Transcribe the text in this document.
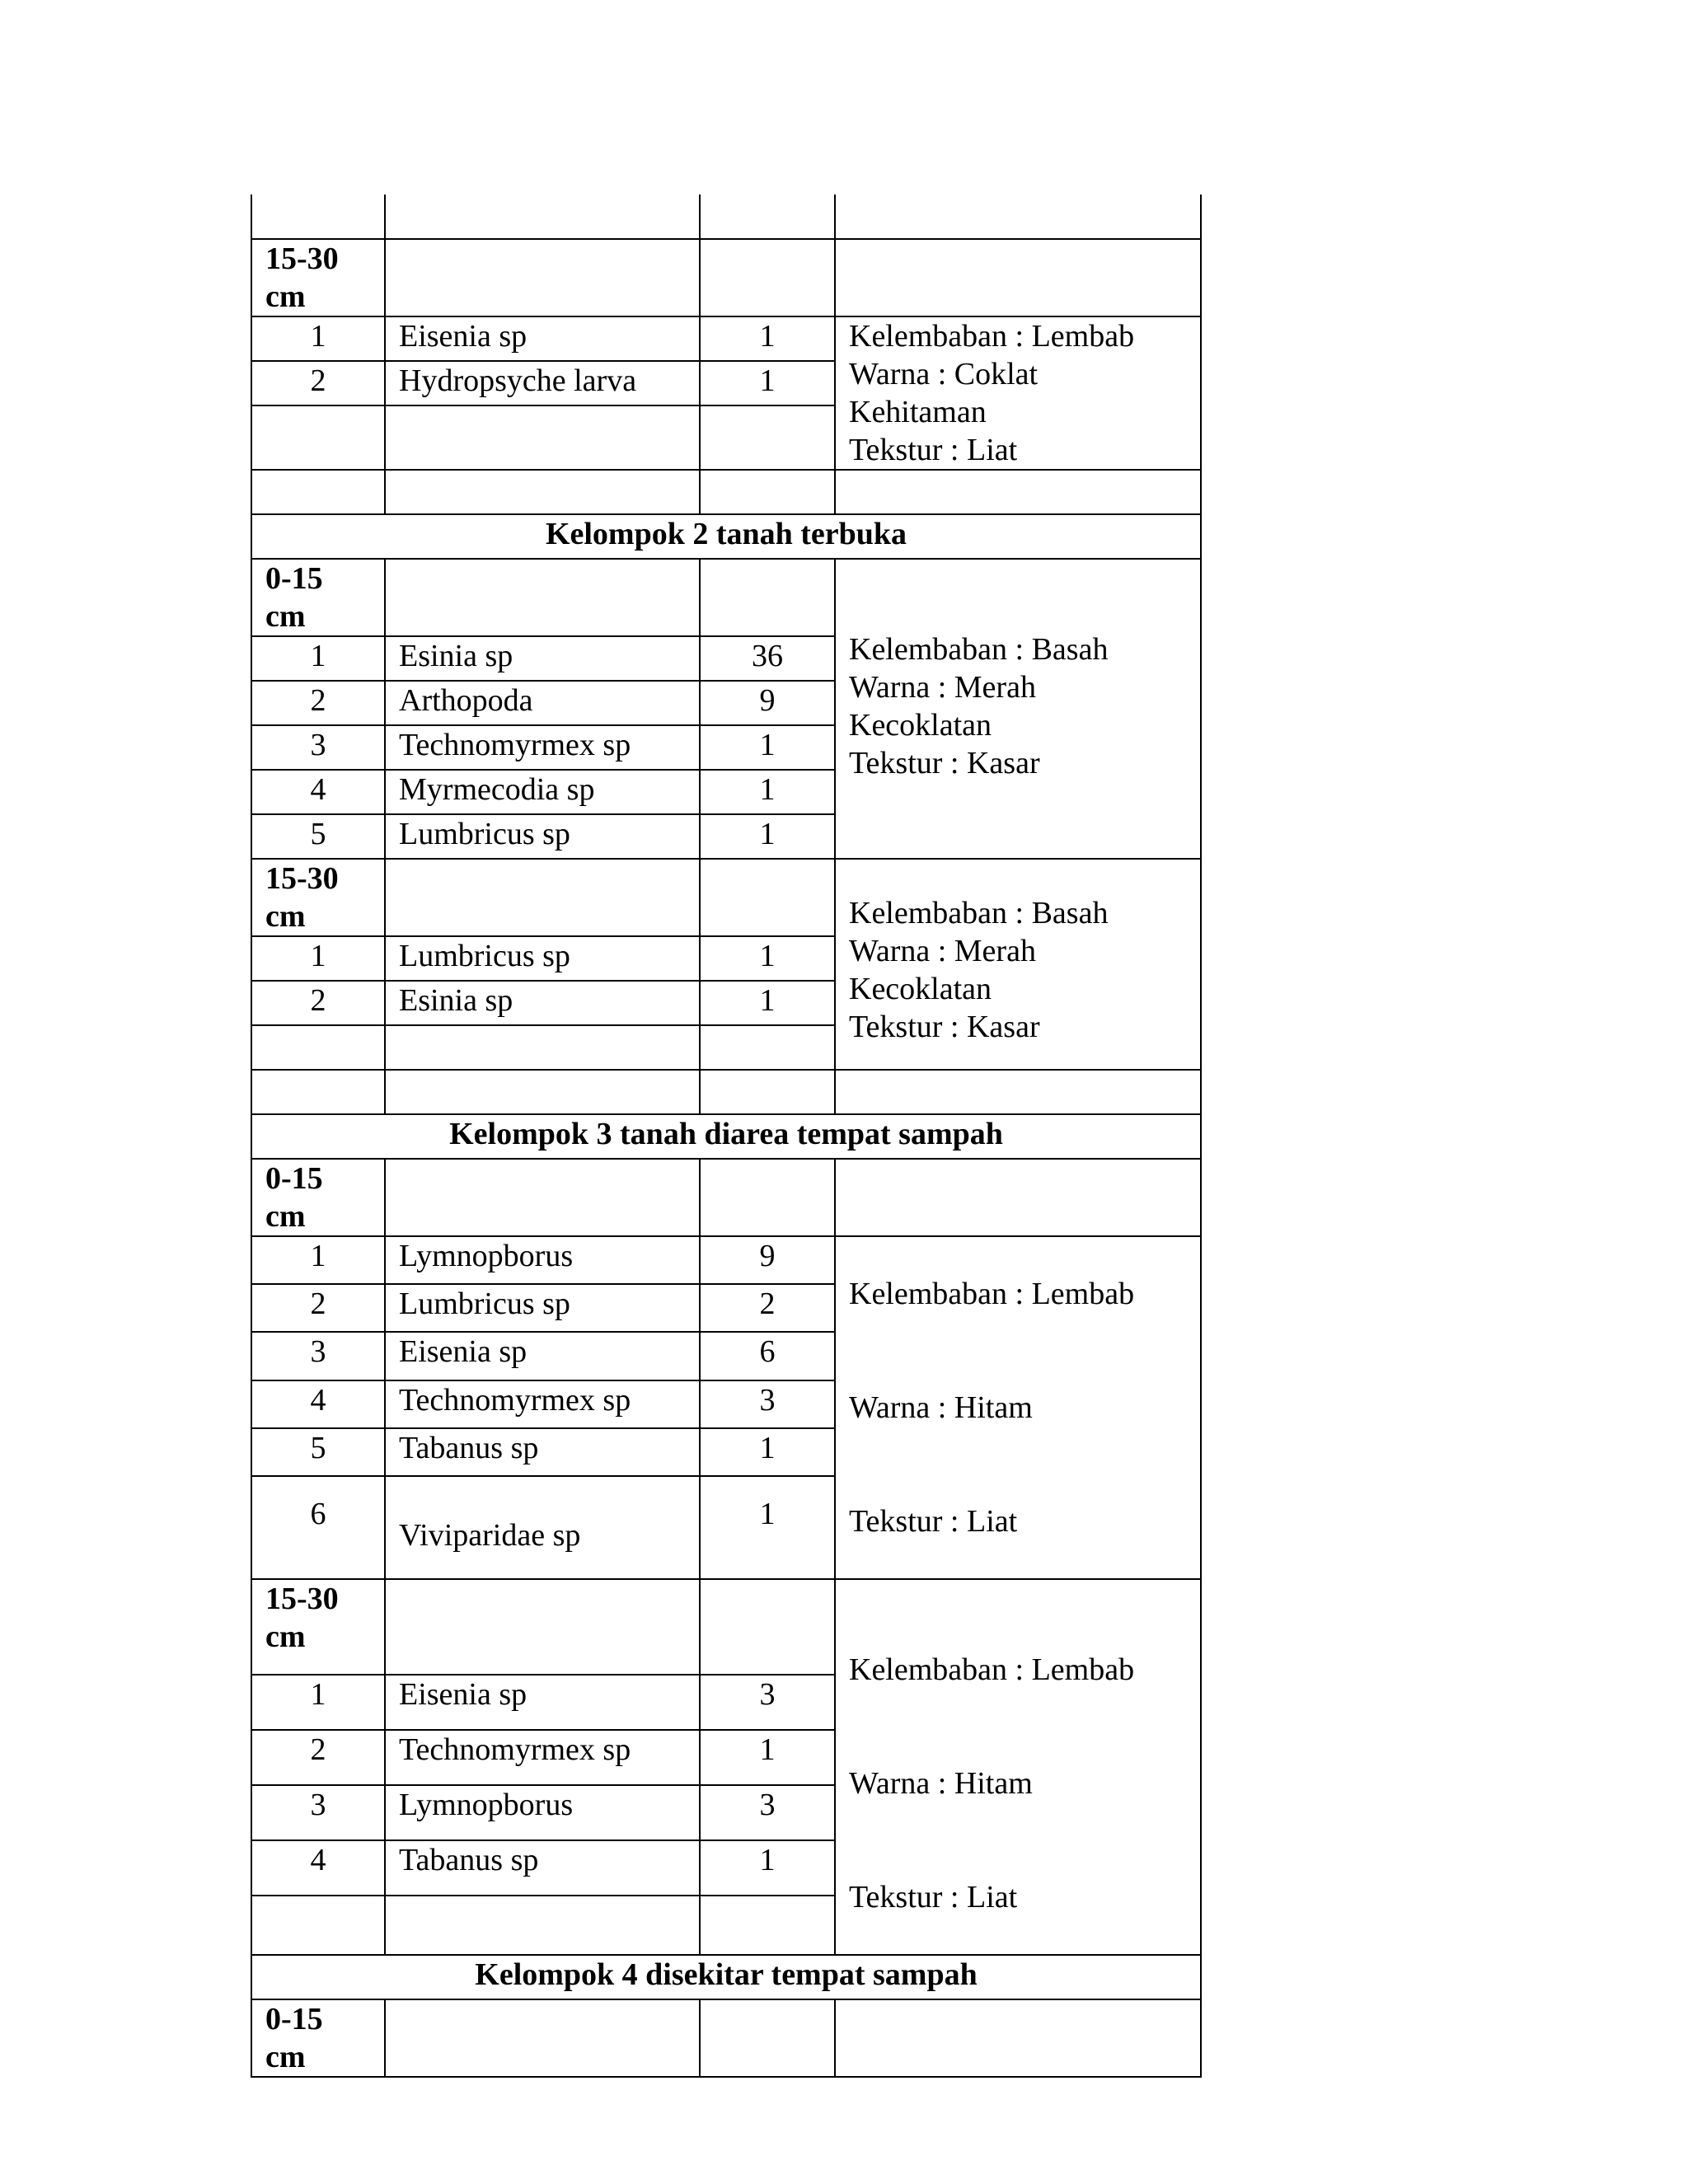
15-30
cm			
1	Eisenia sp	1	Kelembaban : Lembab
Warna : Coklat
Kehitaman
Tekstur : Liat
2	Hydropsyche larva	1	

Kelompok 2 tanah terbuka			
0-15
cm			Kelembaban : Basah
Warna : Merah
Kecoklatan
Tekstur : Kasar
1	Esinia sp	36	
2	Arthopoda	9	
3	Technomyrmex sp	1	
4	Myrmecodia sp	1	
5	Lumbricus sp	1	
15-30
cm			Kelembaban : Basah
Warna : Merah
Kecoklatan
Tekstur : Kasar
1	Lumbricus sp	1	
2	Esinia sp	1	

Kelompok 3 tanah diarea tempat sampah			
0-15
cm			
1	Lymnopborus	9	Kelembaban : Lembab

Warna : Hitam

Tekstur : Liat

2	Lumbricus sp	2	
3	Eisenia sp	6	
4	Technomyrmex sp	3	
5	Tabanus sp	1	
6	Viviparidae sp	1	
15-30
cm			Kelembaban : Lembab

Warna : Hitam

Tekstur : Liat

1	Eisenia sp	3	
2	Technomyrmex sp	1	
3	Lymnopborus	3	
4	Tabanus sp	1	

Kelompok 4 disekitar tempat sampah			
0-15
cm			
